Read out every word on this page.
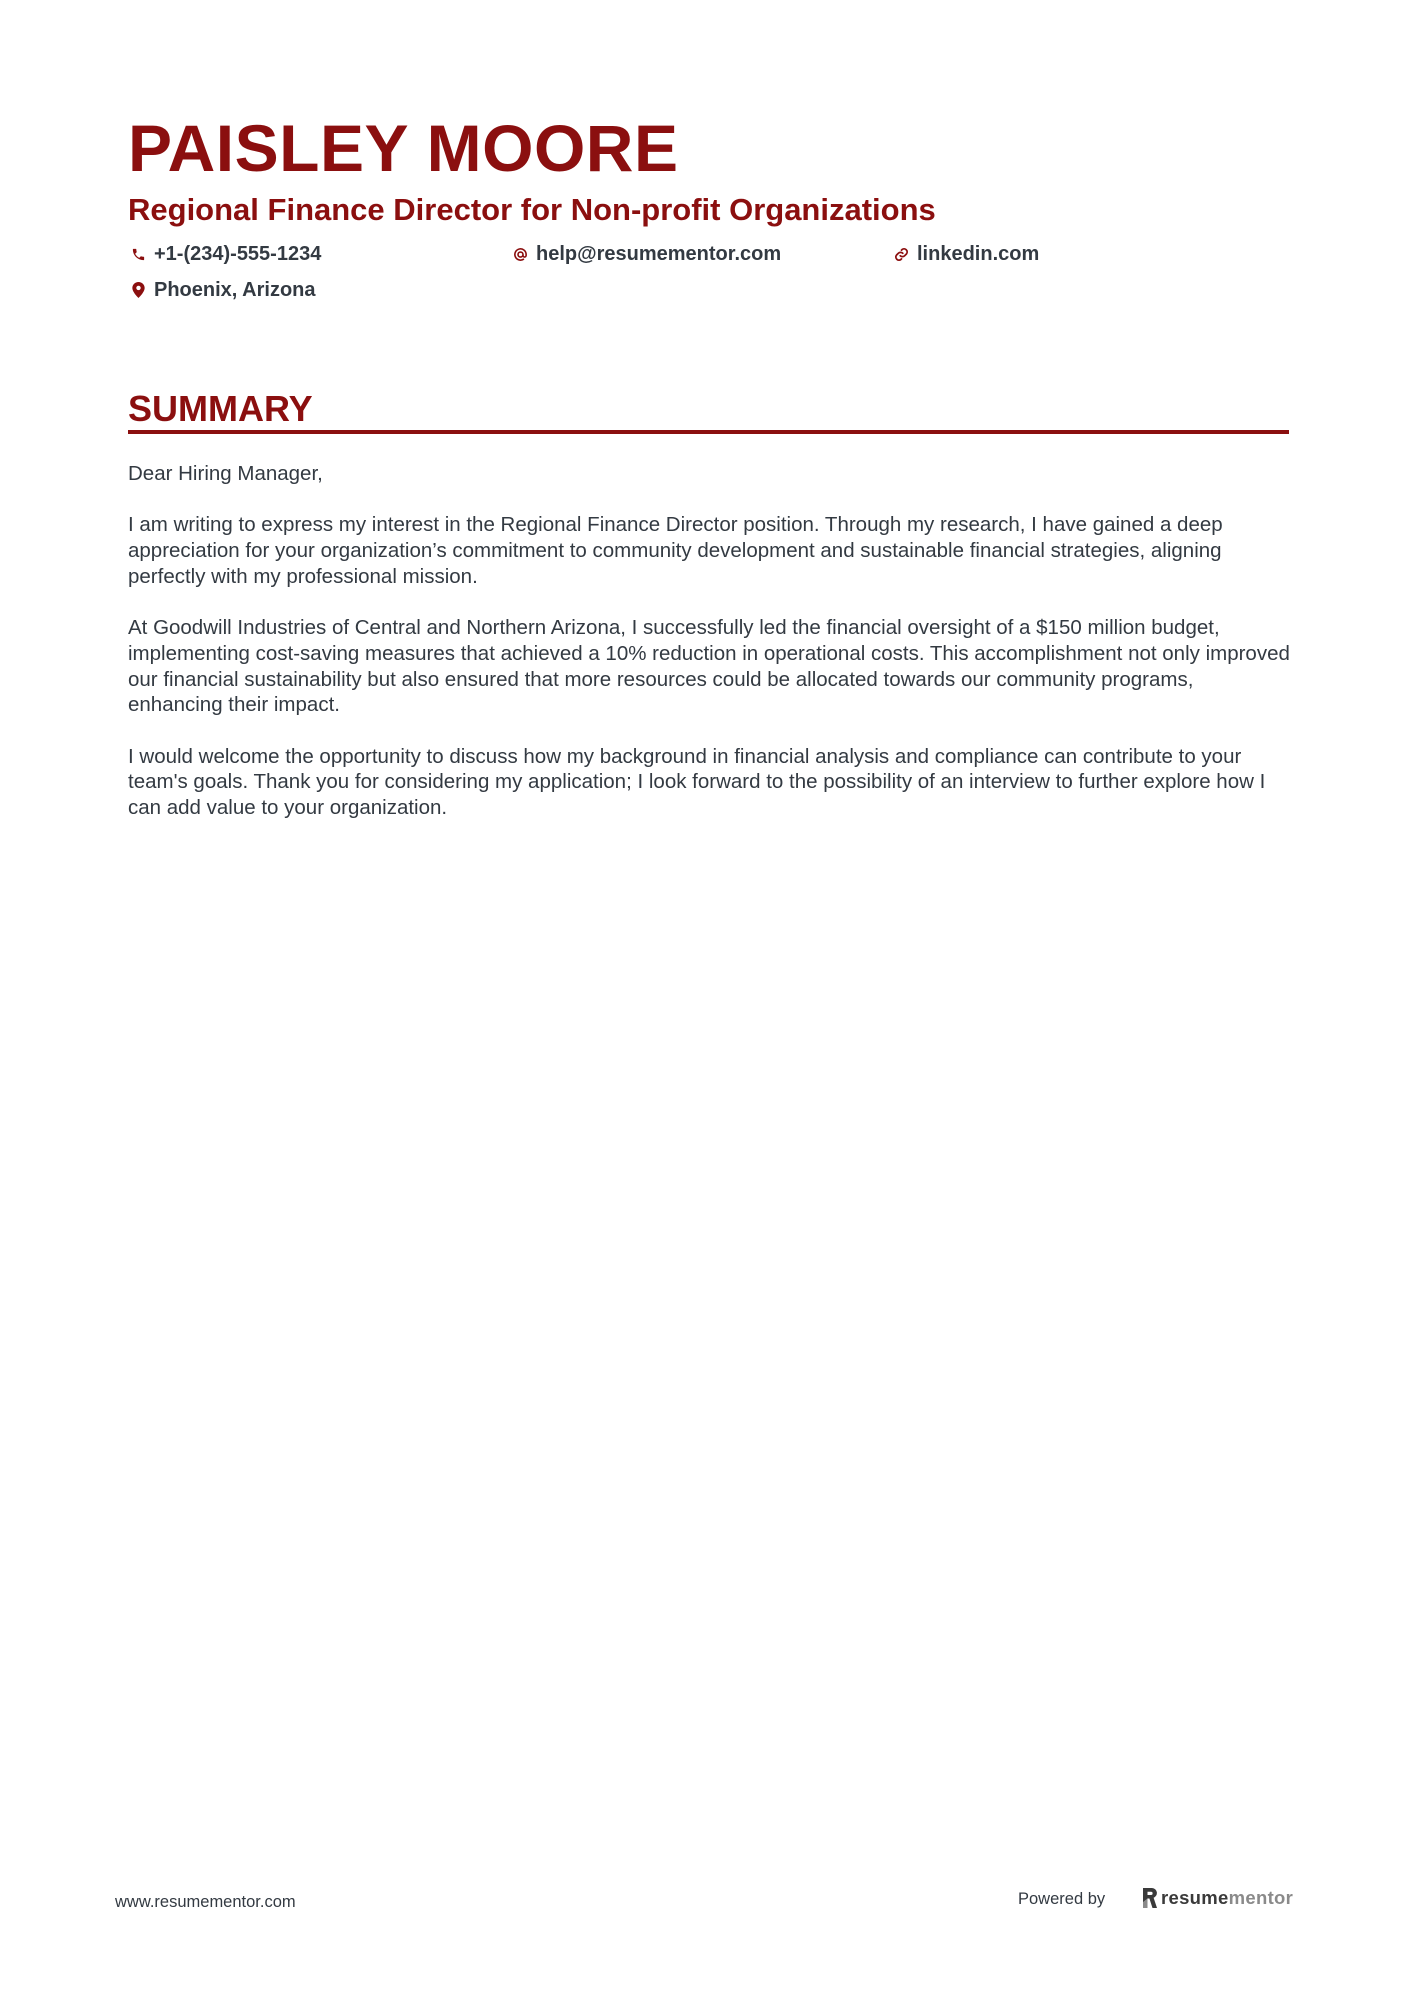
PAISLEY MOORE
Regional Finance Director for Non-profit Organizations
+1-(234)-555-1234	help@resumementor.com	linkedin.com
Phoenix, Arizona
SUMMARY

Dear Hiring Manager,

I am writing to express my interest in the Regional Finance Director position. Through my research, I have gained a deep appreciation for your organization’s commitment to community development and sustainable financial strategies, aligning perfectly with my professional mission.

At Goodwill Industries of Central and Northern Arizona, I successfully led the financial oversight of a $150 million budget, implementing cost-saving measures that achieved a 10% reduction in operational costs. This accomplishment not only improved our financial sustainability but also ensured that more resources could be allocated towards our community programs, enhancing their impact.

I would welcome the opportunity to discuss how my background in financial analysis and compliance can contribute to your team's goals. Thank you for considering my application; I look forward to the possibility of an interview to further explore how I can add value to your organization.

www.resumementor.com	Powered by	resumementor
